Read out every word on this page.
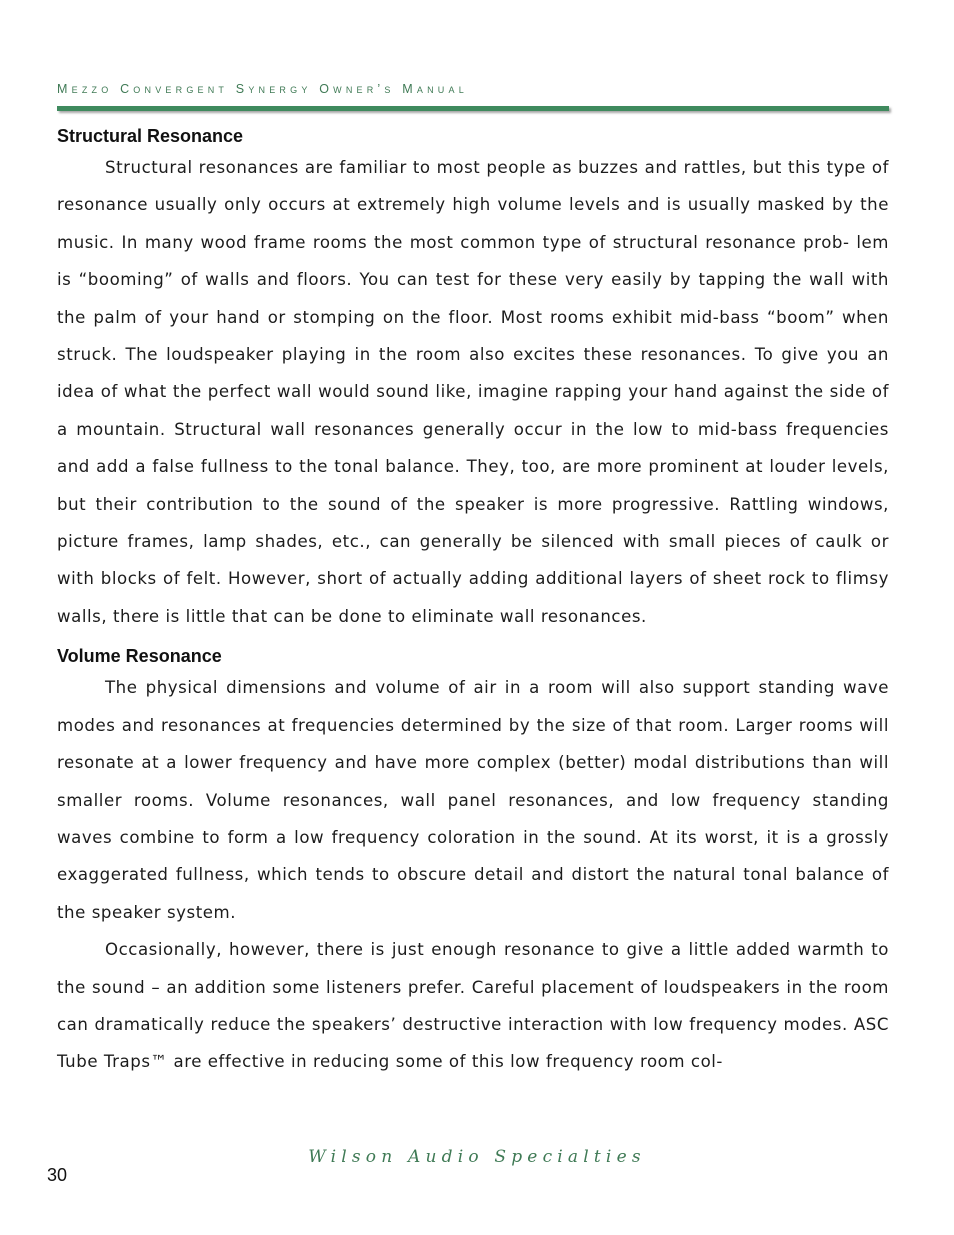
Mezzo Convergent Synergy Owner’s Manual
Structural Resonance

Structural resonances are familiar to most people as buzzes and rattles, but this type of resonance usually only occurs at extremely high volume levels and is usually masked by the music. In many wood frame rooms the most common type of structural resonance prob- lem is “booming” of walls and floors. You can test for these very easily by tapping the wall with the palm of your hand or stomping on the floor. Most rooms exhibit mid-bass “boom” when struck. The loudspeaker playing in the room also excites these resonances. To give you an idea of what the perfect wall would sound like, imagine rapping your hand against the side of a mountain. Structural wall resonances generally occur in the low to mid-bass frequencies and add a false fullness to the tonal balance. They, too, are more prominent at louder levels, but their contribution to the sound of the speaker is more progressive. Rattling windows, picture frames, lamp shades, etc., can generally be silenced with small pieces of caulk or with blocks of felt. However, short of actually adding additional layers of sheet rock to flimsy walls, there is little that can be done to eliminate wall resonances.

Volume Resonance

The physical dimensions and volume of air in a room will also support standing wave modes and resonances at frequencies determined by the size of that room. Larger rooms will resonate at a lower frequency and have more complex (better) modal distributions than will smaller rooms. Volume resonances, wall panel resonances, and low frequency standing waves combine to form a low frequency coloration in the sound. At its worst, it is a grossly exaggerated fullness, which tends to obscure detail and distort the natural tonal balance of the speaker system.

Occasionally, however, there is just enough resonance to give a little added warmth to the sound – an addition some listeners prefer. Careful placement of loudspeakers in the room can dramatically reduce the speakers’ destructive interaction with low frequency modes. ASC Tube Traps™ are effective in reducing some of this low frequency room col-

Wilson Audio Specialties
30
